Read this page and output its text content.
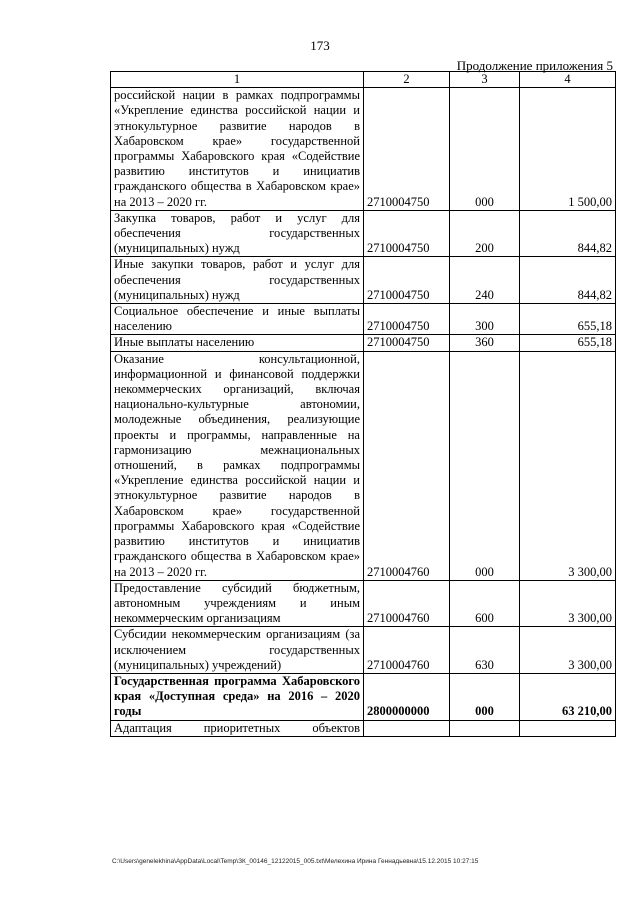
173
Продолжение приложения 5
1	2	3	4
российской нации в рамках подпрограммы «Укрепление единства российской нации и этнокультурное развитие народов в Хабаровском крае» государственной программы Хабаровского края «Содействие развитию институтов и инициатив гражданского общества в Хабаровском крае» на 2013 – 2020 гг.	2710004750	000	1 500,00
Закупка товаров, работ и услуг для обеспечения государственных (муниципальных) нужд	2710004750	200	844,82
Иные закупки товаров, работ и услуг для обеспечения государственных (муниципальных) нужд	2710004750	240	844,82
Социальное обеспечение и иные выплаты населению	2710004750	300	655,18
Иные выплаты населению	2710004750	360	655,18
Оказание консультационной, информационной и финансовой поддержки некоммерческих организаций, включая национально-культурные автономии, молодежные объединения, реализующие проекты и программы, направленные на гармонизацию межнациональных отношений, в рамках подпрограммы «Укрепление единства российской нации и этнокультурное развитие народов в Хабаровском крае» государственной программы Хабаровского края «Содействие развитию институтов и инициатив гражданского общества в Хабаровском крае» на 2013 – 2020 гг.	2710004760	000	3 300,00
Предоставление субсидий бюджетным, автономным учреждениям и иным некоммерческим организациям	2710004760	600	3 300,00
Субсидии некоммерческим организациям (за исключением государственных (муниципальных) учреждений)	2710004760	630	3 300,00
Государственная программа Хабаровского края «Доступная среда» на 2016 – 2020 годы	2800000000	000	63 210,00
Адаптация приоритетных объектов			
C:\Users\genelekhina\AppData\Local\Temp\ЗК_00146_12122015_005.txt\Мелехина Ирина Геннадьевна\15.12.2015 10:27:15
